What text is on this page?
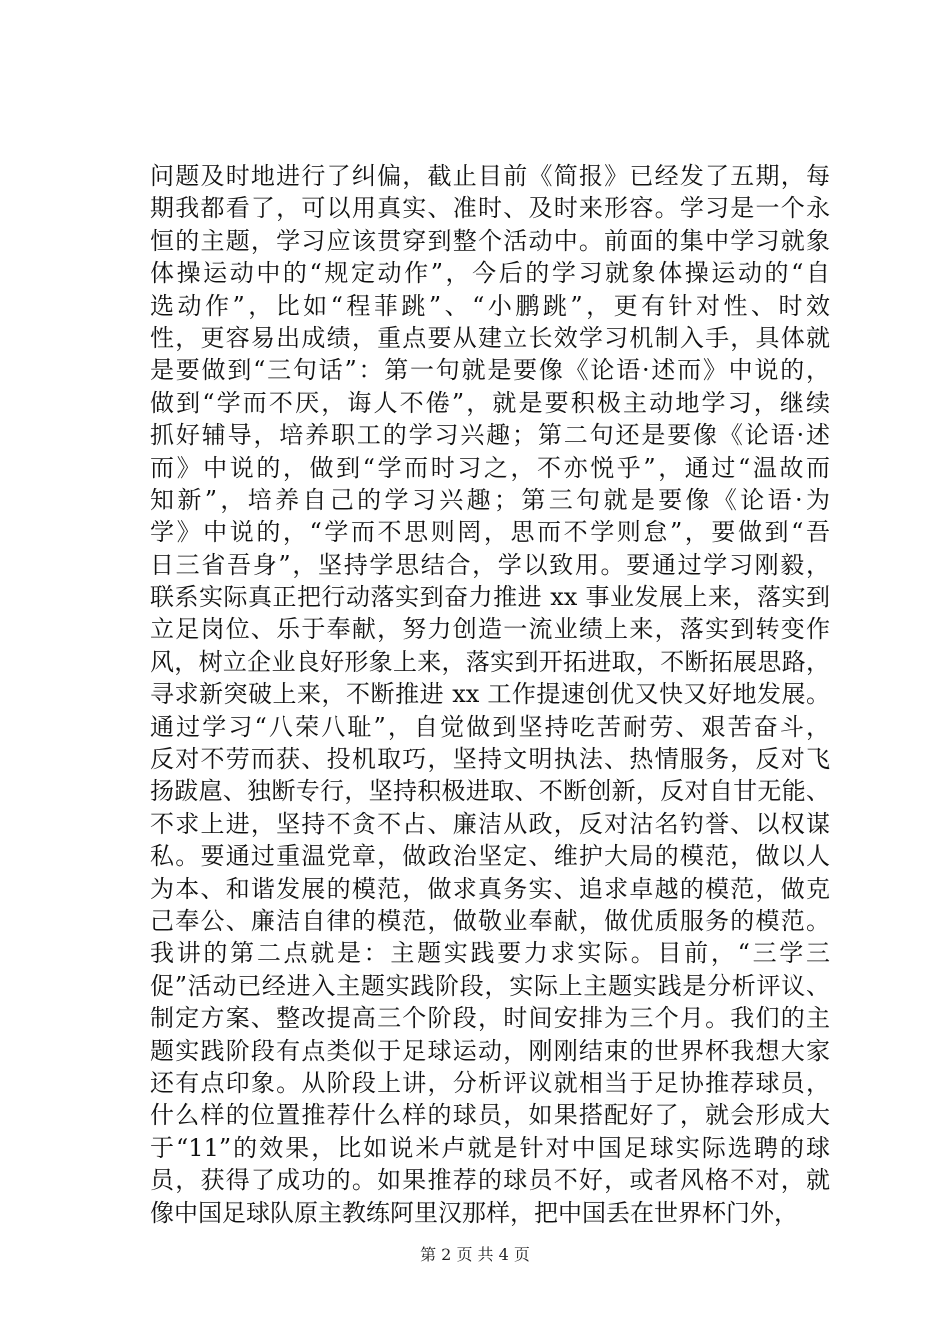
问题及时地进行了纠偏，截止目前《简报》已经发了五期，每
期我都看了，可以用真实、准时、及时来形容。学习是一个永
恒的主题，学习应该贯穿到整个活动中。前面的集中学习就象
体操运动中的“规定动作”，今后的学习就象体操运动的“自
选动作”，比如“程菲跳”、“小鹏跳”，更有针对性、时效
性，更容易出成绩，重点要从建立长效学习机制入手，具体就
是要做到“三句话”：第一句就是要像《论语·述而》中说的，
做到“学而不厌，诲人不倦”，就是要积极主动地学习，继续
抓好辅导，培养职工的学习兴趣；第二句还是要像《论语·述
而》中说的，做到“学而时习之，不亦悦乎”，通过“温故而
知新”，培养自己的学习兴趣；第三句就是要像《论语·为
学》中说的，“学而不思则罔，思而不学则怠”，要做到“吾
日三省吾身”，坚持学思结合，学以致用。要通过学习刚毅，
联系实际真正把行动落实到奋力推进 xx 事业发展上来，落实到
立足岗位、乐于奉献，努力创造一流业绩上来，落实到转变作
风，树立企业良好形象上来，落实到开拓进取，不断拓展思路，
寻求新突破上来，不断推进 xx 工作提速创优又快又好地发展。
通过学习“八荣八耻”，自觉做到坚持吃苦耐劳、艰苦奋斗，
反对不劳而获、投机取巧，坚持文明执法、热情服务，反对飞
扬跋扈、独断专行，坚持积极进取、不断创新，反对自甘无能、
不求上进，坚持不贪不占、廉洁从政，反对沽名钓誉、以权谋
私。要通过重温党章，做政治坚定、维护大局的模范，做以人
为本、和谐发展的模范，做求真务实、追求卓越的模范，做克
己奉公、廉洁自律的模范，做敬业奉献，做优质服务的模范。
我讲的第二点就是：主题实践要力求实际。目前，“三学三
促”活动已经进入主题实践阶段，实际上主题实践是分析评议、
制定方案、整改提高三个阶段，时间安排为三个月。我们的主
题实践阶段有点类似于足球运动，刚刚结束的世界杯我想大家
还有点印象。从阶段上讲，分析评议就相当于足协推荐球员，
什么样的位置推荐什么样的球员，如果搭配好了，就会形成大
于“11”的效果，比如说米卢就是针对中国足球实际选聘的球
员，获得了成功的。如果推荐的球员不好，或者风格不对，就
像中国足球队原主教练阿里汉那样，把中国丢在世界杯门外，
第 2 页 共 4 页
